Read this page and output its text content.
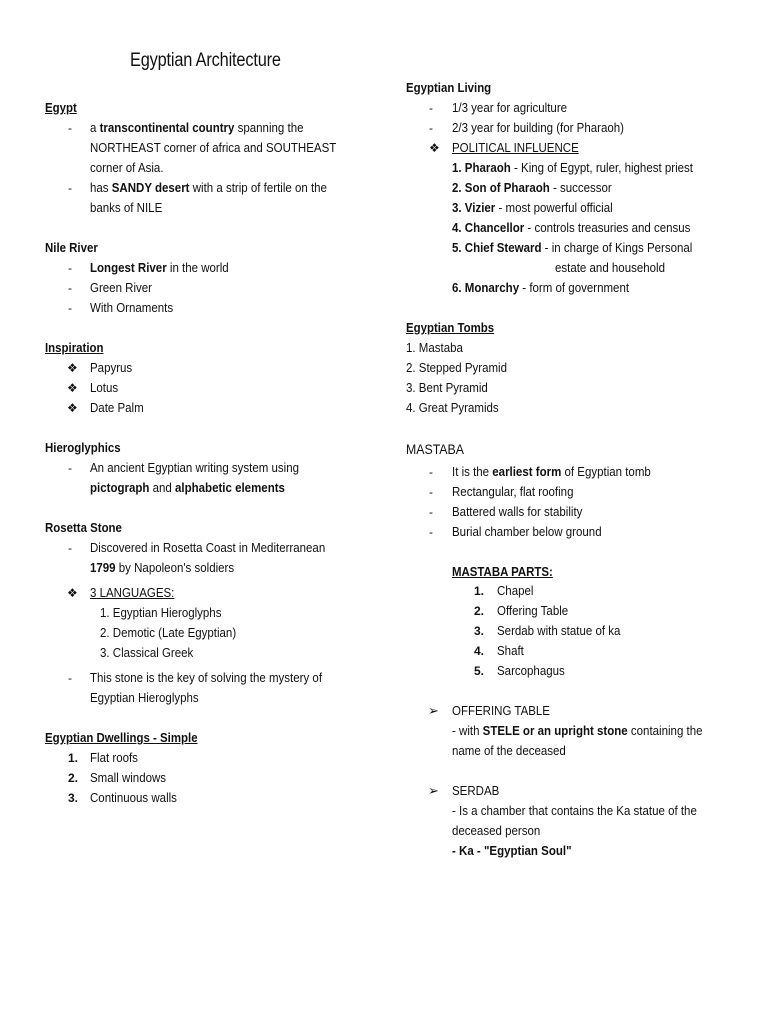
Egyptian Architecture
Egypt
- a transcontinental country spanning the
NORTHEAST corner of africa and SOUTHEAST
corner of Asia.
- has SANDY desert with a strip of fertile on the
banks of NILE
Nile River
- Longest River in the world
- Green River
- With Ornaments
Inspiration
❖ Papyrus
❖ Lotus
❖ Date Palm
Hieroglyphics
- An ancient Egyptian writing system using
pictograph and alphabetic elements
Rosetta Stone
- Discovered in Rosetta Coast in Mediterranean
1799 by Napoleon's soldiers
❖ 3 LANGUAGES:
1. Egyptian Hieroglyphs
2. Demotic (Late Egyptian)
3. Classical Greek
- This stone is the key of solving the mystery of
Egyptian Hieroglyphs
Egyptian Dwellings - Simple
1. Flat roofs
2. Small windows
3. Continuous walls
Egyptian Living
- 1/3 year for agriculture
- 2/3 year for building (for Pharaoh)
❖ POLITICAL INFLUENCE
1. Pharaoh - King of Egypt, ruler, highest priest
2. Son of Pharaoh - successor
3. Vizier - most powerful official
4. Chancellor - controls treasuries and census
5. Chief Steward - in charge of Kings Personal
estate and household
6. Monarchy - form of government
Egyptian Tombs
1. Mastaba
2. Stepped Pyramid
3. Bent Pyramid
4. Great Pyramids
MASTABA
- It is the earliest form of Egyptian tomb
- Rectangular, flat roofing
- Battered walls for stability
- Burial chamber below ground
MASTABA PARTS:
1. Chapel
2. Offering Table
3. Serdab with statue of ka
4. Shaft
5. Sarcophagus
➢ OFFERING TABLE
- with STELE or an upright stone containing the
name of the deceased
➢ SERDAB
- Is a chamber that contains the Ka statue of the
deceased person
- Ka - "Egyptian Soul"
